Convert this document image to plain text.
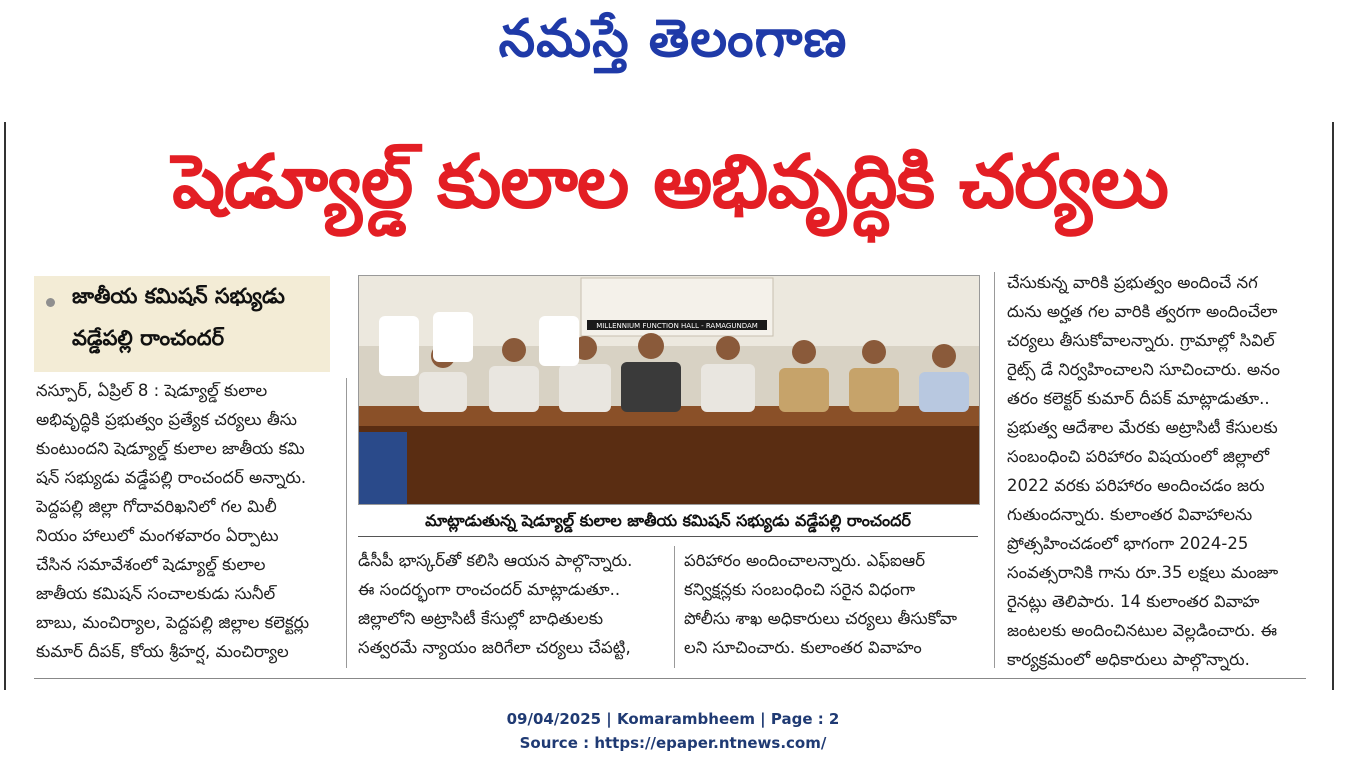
నమస్తే తెలంగాణ
షెడ్యూల్డ్ కులాల అభివృద్ధికి చర్యలు
జాతీయ కమిషన్ సభ్యుడు
వడ్డేపల్లి రాంచందర్

నస్పూర్, ఏప్రిల్ 8 : షెడ్యూల్డ్ కులాల

అభివృద్ధికి ప్రభుత్వం ప్రత్యేక చర్యలు తీసు

కుంటుందని షెడ్యూల్డ్ కులాల జాతీయ కమి

షన్ సభ్యుడు వడ్డేపల్లి రాంచందర్ అన్నారు.

పెద్దపల్లి జిల్లా గోదావరిఖనిలో గల మిలీ

నియం హాలులో మంగళవారం ఏర్పాటు

చేసిన సమావేశంలో షెడ్యూల్డ్ కులాల

జాతీయ కమిషన్ సంచాలకుడు సునీల్

బాబు, మంచిర్యాల, పెద్దపల్లి జిల్లాల కలెక్టర్లు

కుమార్ దీపక్, కోయ శ్రీహర్ష, మంచిర్యాల

MILLENNIUM FUNCTION HALL - RAMAGUNDAM
మాట్లాడుతున్న షెడ్యూల్డ్ కులాల జాతీయ కమిషన్ సభ్యుడు వడ్డేపల్లి రాంచందర్

డీసీపీ భాస్కర్‌తో కలిసి ఆయన పాల్గొన్నారు.

ఈ సందర్భంగా రాంచందర్ మాట్లాడుతూ..

జిల్లాలోని అట్రాసిటీ కేసుల్లో బాధితులకు

సత్వరమే న్యాయం జరిగేలా చర్యలు చేపట్టి,

పరిహారం అందించాలన్నారు. ఎఫ్ఐఆర్

కన్విక్షన్లకు సంబంధించి సరైన విధంగా

పోలీసు శాఖ అధికారులు చర్యలు తీసుకోవా

లని సూచించారు. కులాంతర వివాహం

చేసుకున్న వారికి ప్రభుత్వం అందించే నగ

దును అర్హత గల వారికి త్వరగా అందించేలా

చర్యలు తీసుకోవాలన్నారు. గ్రామాల్లో సివిల్

రైట్స్ డే నిర్వహించాలని సూచించారు. అనం

తరం కలెక్టర్ కుమార్ దీపక్ మాట్లాడుతూ..

ప్రభుత్వ ఆదేశాల మేరకు అట్రాసిటీ కేసులకు

సంబంధించి పరిహారం విషయంలో జిల్లాలో

2022 వరకు పరిహారం అందించడం జరు

గుతుందన్నారు. కులాంతర వివాహాలను

ప్రోత్సహించడంలో భాగంగా 2024-25

సంవత్సరానికి గాను రూ.35 లక్షలు మంజూ

రైనట్లు తెలిపారు. 14 కులాంతర వివాహ

జంటలకు అందించినటుల వెల్లడించారు. ఈ

కార్యక్రమంలో అధికారులు పాల్గొన్నారు.

09/04/2025 | Komarambheem | Page : 2
Source : https://epaper.ntnews.com/
